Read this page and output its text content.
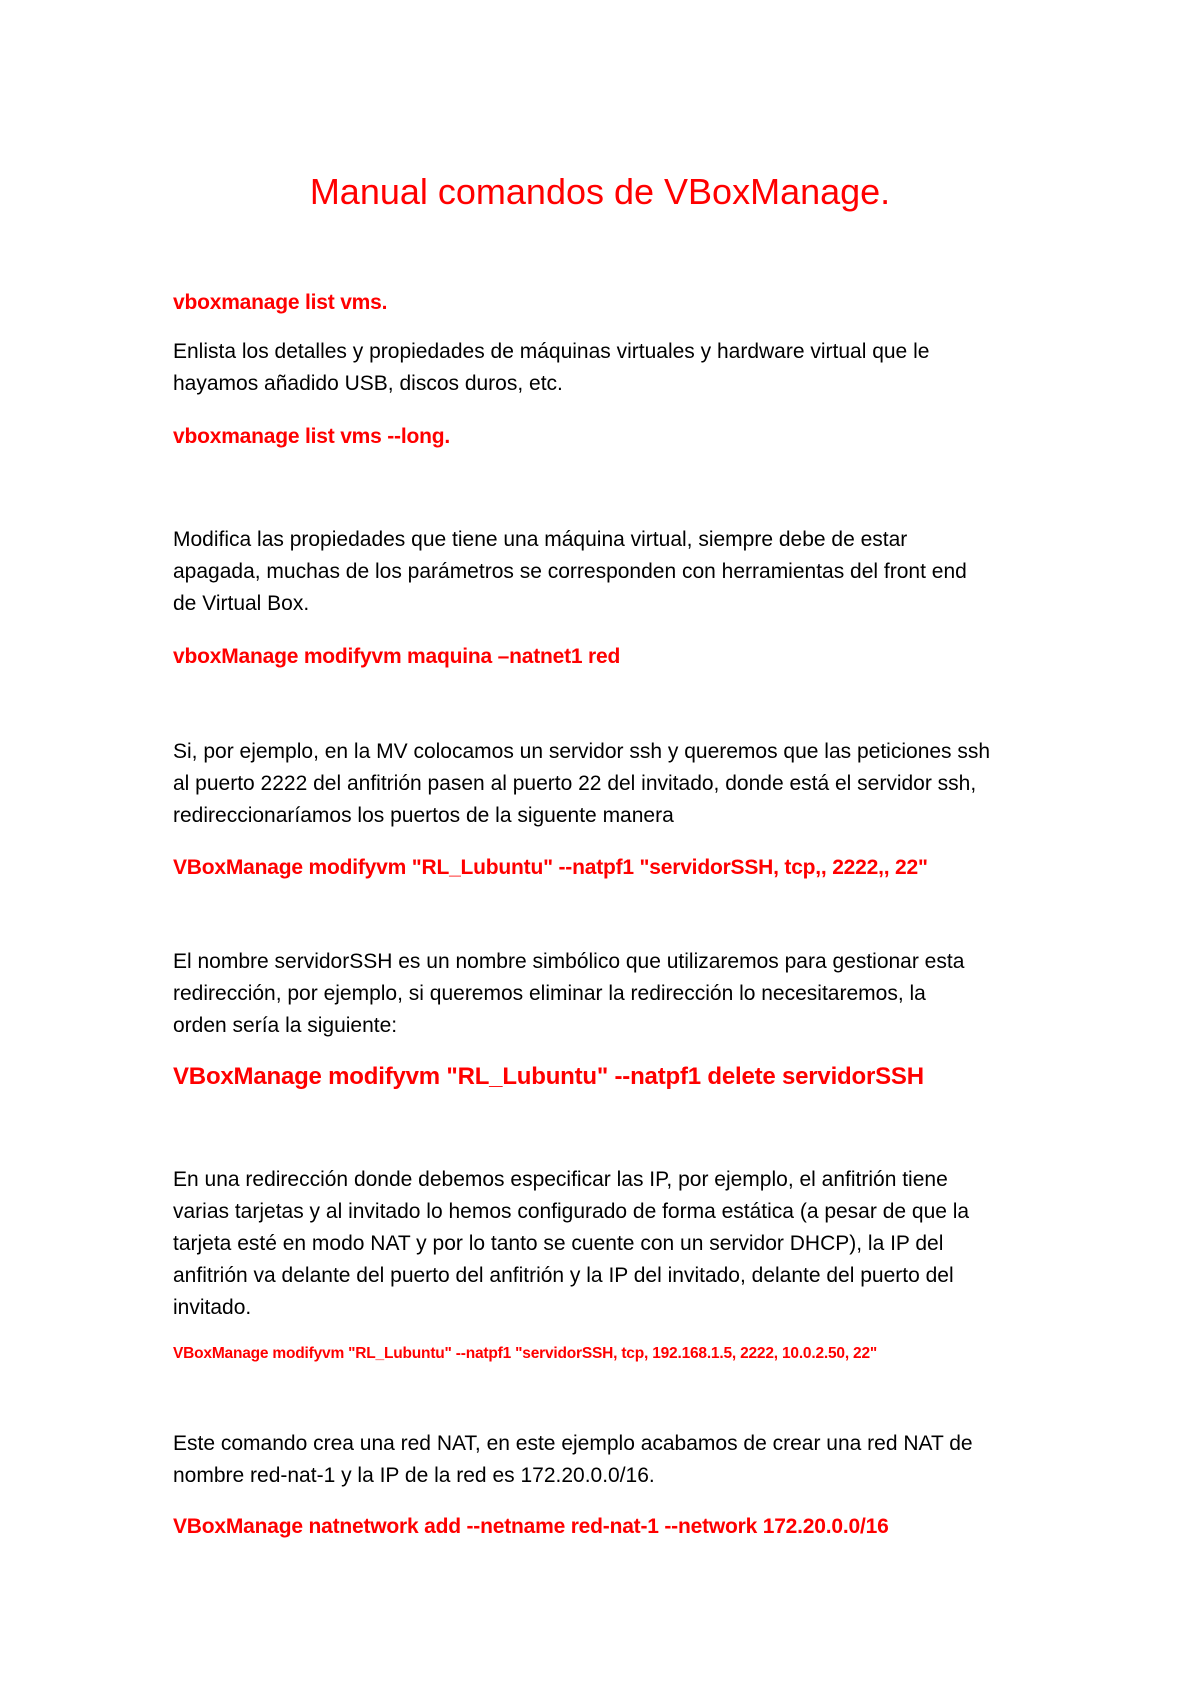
Manual comandos de VBoxManage.
vboxmanage list vms.
Enlista los detalles y propiedades de máquinas virtuales y hardware virtual que le
hayamos añadido USB, discos duros, etc.
vboxmanage list vms --long.
Modifica las propiedades que tiene una máquina virtual, siempre debe de estar
apagada, muchas de los parámetros se corresponden con herramientas del front end
de Virtual Box.
vboxManage modifyvm maquina –natnet1 red
Si, por ejemplo, en la MV colocamos un servidor ssh y queremos que las peticiones ssh
al puerto 2222 del anfitrión pasen al puerto 22 del invitado, donde está el servidor ssh,
redireccionaríamos los puertos de la siguente manera
VBoxManage modifyvm "RL_Lubuntu" --natpf1 "servidorSSH, tcp,, 2222,, 22"
El nombre servidorSSH es un nombre simbólico que utilizaremos para gestionar esta
redirección, por ejemplo, si queremos eliminar la redirección lo necesitaremos, la
orden sería la siguiente:
VBoxManage modifyvm "RL_Lubuntu" --natpf1 delete servidorSSH
En una redirección donde debemos especificar las IP, por ejemplo, el anfitrión tiene
varias tarjetas y al invitado lo hemos configurado de forma estática (a pesar de que la
tarjeta esté en modo NAT y por lo tanto se cuente con un servidor DHCP), la IP del
anfitrión va delante del puerto del anfitrión y la IP del invitado, delante del puerto del
invitado.
VBoxManage modifyvm "RL_Lubuntu" --natpf1 "servidorSSH, tcp, 192.168.1.5, 2222, 10.0.2.50, 22"
Este comando crea una red NAT, en este ejemplo acabamos de crear una red NAT de
nombre red-nat-1 y la IP de la red es 172.20.0.0/16.
VBoxManage natnetwork add --netname red-nat-1 --network 172.20.0.0/16
